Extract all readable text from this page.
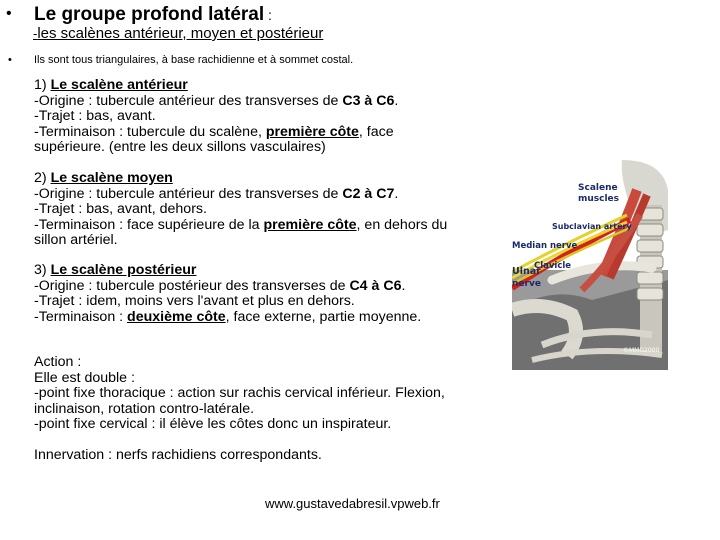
• Le groupe profond latéral :
-les scalènes antérieur, moyen et postérieur
• Ils sont tous triangulaires, à base rachidienne et à sommet costal.

1) Le scalène antérieur

-Origine : tubercule antérieur des transverses de C3 à C6.

-Trajet : bas, avant.

-Terminaison : tubercule du scalène, première côte, face supérieure. (entre les deux sillons vasculaires)

2) Le scalène moyen

-Origine : tubercule antérieur des transverses de C2 à C7.

-Trajet : bas, avant, dehors.

-Terminaison : face supérieure de la première côte, en dehors du sillon artériel.

3) Le scalène postérieur

-Origine : tubercule postérieur des transverses de C4 à C6.

-Trajet : idem, moins vers l'avant et plus en dehors.

-Terminaison : deuxième côte, face externe, partie moyenne.

Action :

Elle est double :

-point fixe thoracique : action sur rachis cervical inférieur. Flexion, inclinaison, rotation contro-latérale.

-point fixe cervical : il élève les côtes donc un inspirateur.

Innervation : nerfs rachidiens correspondants.
www.gustavedabresil.vpweb.fr
Scalene
muscles
Subclavian artery
Median nerve
Clavicle
Ulnar
nerve
©MMG2000
